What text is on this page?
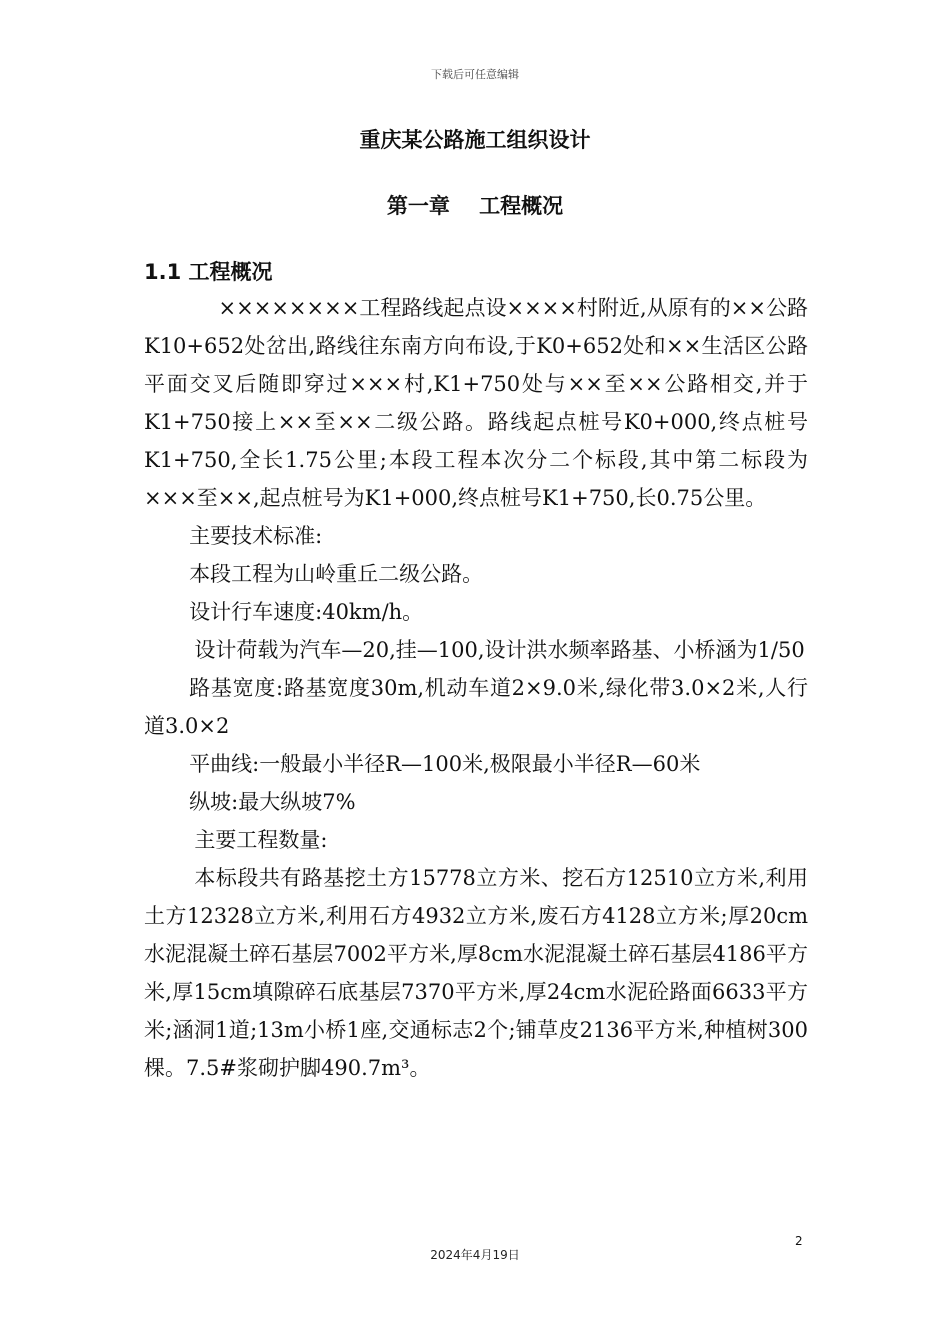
下载后可任意编辑
重庆某公路施工组织设计
第一章    工程概况
1.1 工程概况

××××××××工程路线起点设××××村附近,从原有的××公路K10+652处岔出,路线往东南方向布设,于K0+652处和××生活区公路平面交叉后随即穿过×××村,K1+750处与××至××公路相交,并于K1+750接上××至××二级公路。路线起点桩号K0+000,终点桩号K1+750,全长1.75公里;本段工程本次分二个标段,其中第二标段为×××至××,起点桩号为K1+000,终点桩号K1+750,长0.75公里。

主要技术标准:

本段工程为山岭重丘二级公路。

设计行车速度:40km/h。

设计荷载为汽车—20,挂—100,设计洪水频率路基、小桥涵为1/50

路基宽度:路基宽度30m,机动车道2×9.0米,绿化带3.0×2米,人行道3.0×2

平曲线:一般最小半径R—100米,极限最小半径R—60米

纵坡:最大纵坡7%

主要工程数量:

本标段共有路基挖土方15778立方米、挖石方12510立方米,利用土方12328立方米,利用石方4932立方米,废石方4128立方米;厚20cm水泥混凝土碎石基层7002平方米,厚8cm水泥混凝土碎石基层4186平方米,厚15cm填隙碎石底基层7370平方米,厚24cm水泥砼路面6633平方米;涵洞1道;13m小桥1座,交通标志2个;铺草皮2136平方米,种植树300棵。7.5#浆砌护脚490.7m³。

2
2024年4月19日
